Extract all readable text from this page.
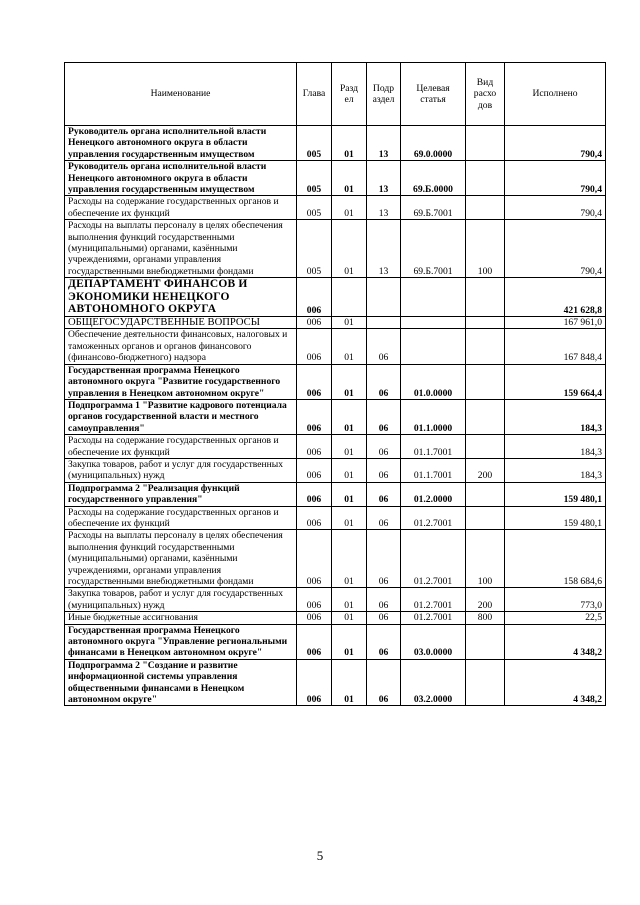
Наименование	Глава	Разд ел	Подр аздел	Целевая статья	Вид расхо дов	Исполнено
Руководитель органа исполнительной власти Ненецкого автономного округа в области управления государственным имуществом	005	01	13	69.0.0000		790,4
Руководитель органа исполнительной власти Ненецкого автономного округа в области управления государственным имуществом	005	01	13	69.Б.0000		790,4
Расходы на содержание государственных органов и обеспечение их функций	005	01	13	69.Б.7001		790,4
Расходы на выплаты персоналу в целях обеспечения выполнения функций государственными (муниципальными) органами, казёнными учреждениями, органами управления государственными внебюджетными фондами	005	01	13	69.Б.7001	100	790,4
ДЕПАРТАМЕНТ ФИНАНСОВ И ЭКОНОМИКИ НЕНЕЦКОГО АВТОНОМНОГО ОКРУГА	006					421 628,8
ОБЩЕГОСУДАРСТВЕННЫЕ ВОПРОСЫ	006	01				167 961,0
Обеспечение деятельности финансовых, налоговых и таможенных органов и органов финансового (финансово-бюджетного) надзора	006	01	06			167 848,4
Государственная программа Ненецкого автономного округа "Развитие государственного управления в Ненецком автономном округе"	006	01	06	01.0.0000		159 664,4
Подпрограмма 1 "Развитие кадрового потенциала органов государственной власти и местного самоуправления"	006	01	06	01.1.0000		184,3
Расходы на содержание государственных органов и обеспечение их функций	006	01	06	01.1.7001		184,3
Закупка товаров, работ и услуг для государственных (муниципальных) нужд	006	01	06	01.1.7001	200	184,3
Подпрограмма 2 "Реализация функций государственного управления"	006	01	06	01.2.0000		159 480,1
Расходы на содержание государственных органов и обеспечение их функций	006	01	06	01.2.7001		159 480,1
Расходы на выплаты персоналу в целях обеспечения выполнения функций государственными (муниципальными) органами, казёнными учреждениями, органами управления государственными внебюджетными фондами	006	01	06	01.2.7001	100	158 684,6
Закупка товаров, работ и услуг для государственных (муниципальных) нужд	006	01	06	01.2.7001	200	773,0
Иные бюджетные ассигнования	006	01	06	01.2.7001	800	22,5
Государственная программа Ненецкого автономного округа "Управление региональными финансами в Ненецком автономном округе"	006	01	06	03.0.0000		4 348,2
Подпрограмма 2 "Создание и развитие информационной системы управления общественными финансами в Ненецком автономном округе"	006	01	06	03.2.0000		4 348,2
5
